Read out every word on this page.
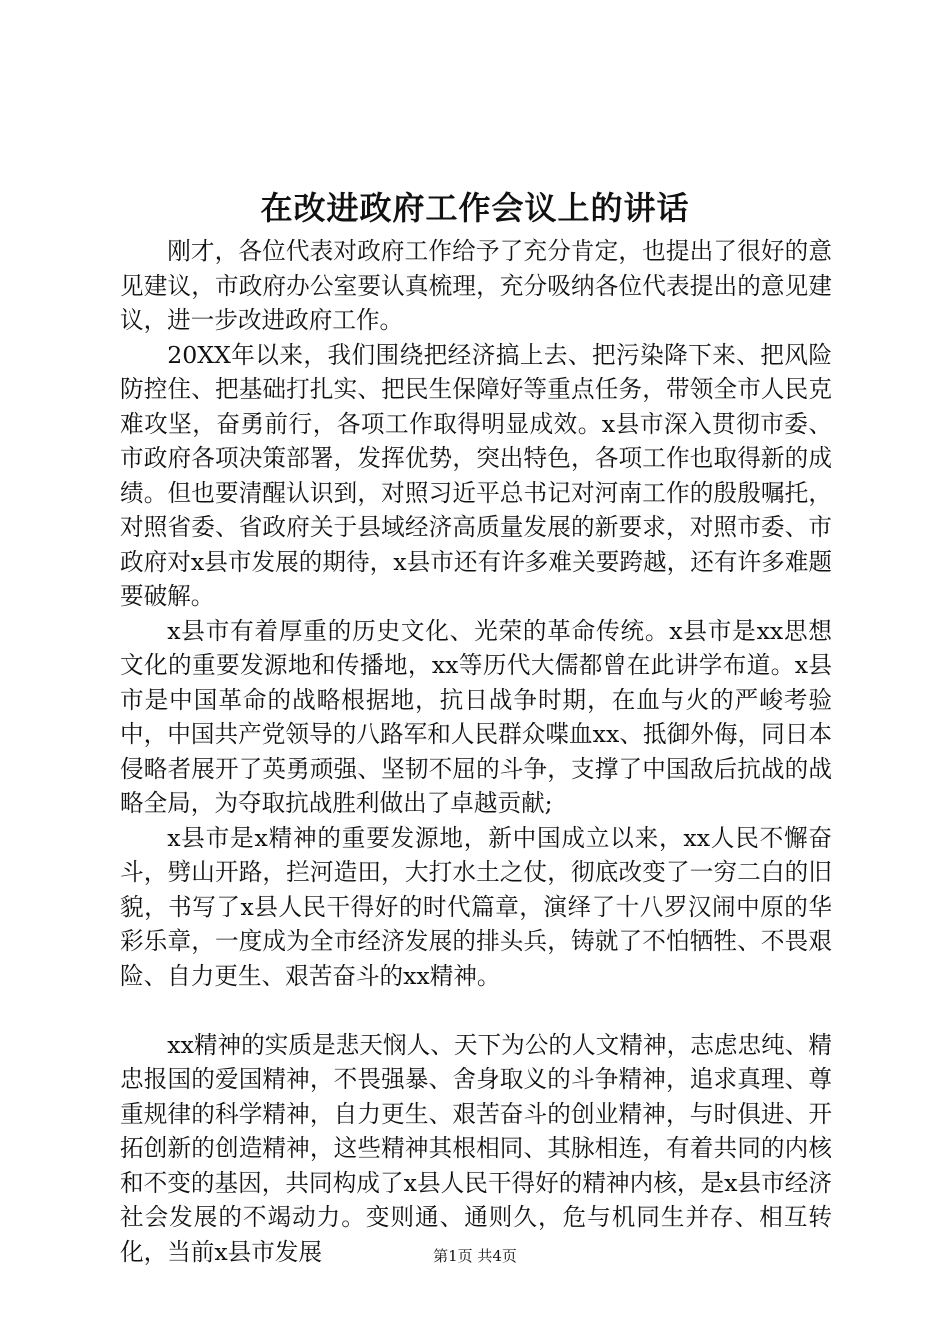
在改进政府工作会议上的讲话

刚才，各位代表对政府工作给予了充分肯定，也提出了很好的意见建议，市政府办公室要认真梳理，充分吸纳各位代表提出的意见建议，进一步改进政府工作。

20XX年以来，我们围绕把经济搞上去、把污染降下来、把风险防控住、把基础打扎实、把民生保障好等重点任务，带领全市人民克难攻坚，奋勇前行，各项工作取得明显成效。x县市深入贯彻市委、市政府各项决策部署，发挥优势，突出特色，各项工作也取得新的成绩。但也要清醒认识到，对照习近平总书记对河南工作的殷殷嘱托，对照省委、省政府关于县域经济高质量发展的新要求，对照市委、市政府对x县市发展的期待，x县市还有许多难关要跨越，还有许多难题要破解。

x县市有着厚重的历史文化、光荣的革命传统。x县市是xx思想文化的重要发源地和传播地，xx等历代大儒都曾在此讲学布道。x县市是中国革命的战略根据地，抗日战争时期，在血与火的严峻考验中，中国共产党领导的八路军和人民群众喋血xx、抵御外侮，同日本侵略者展开了英勇顽强、坚韧不屈的斗争，支撑了中国敌后抗战的战略全局，为夺取抗战胜利做出了卓越贡献;

x县市是x精神的重要发源地，新中国成立以来，xx人民不懈奋斗，劈山开路，拦河造田，大打水土之仗，彻底改变了一穷二白的旧貌，书写了x县人民干得好的时代篇章，演绎了十八罗汉闹中原的华彩乐章，一度成为全市经济发展的排头兵，铸就了不怕牺牲、不畏艰险、自力更生、艰苦奋斗的xx精神。

xx精神的实质是悲天悯人、天下为公的人文精神，志虑忠纯、精忠报国的爱国精神，不畏强暴、舍身取义的斗争精神，追求真理、尊重规律的科学精神，自力更生、艰苦奋斗的创业精神，与时俱进、开拓创新的创造精神，这些精神其根相同、其脉相连，有着共同的内核和不变的基因，共同构成了x县人民干得好的精神内核，是x县市经济社会发展的不竭动力。变则通、通则久，危与机同生并存、相互转化，当前x县市发展	第1页 共4页
